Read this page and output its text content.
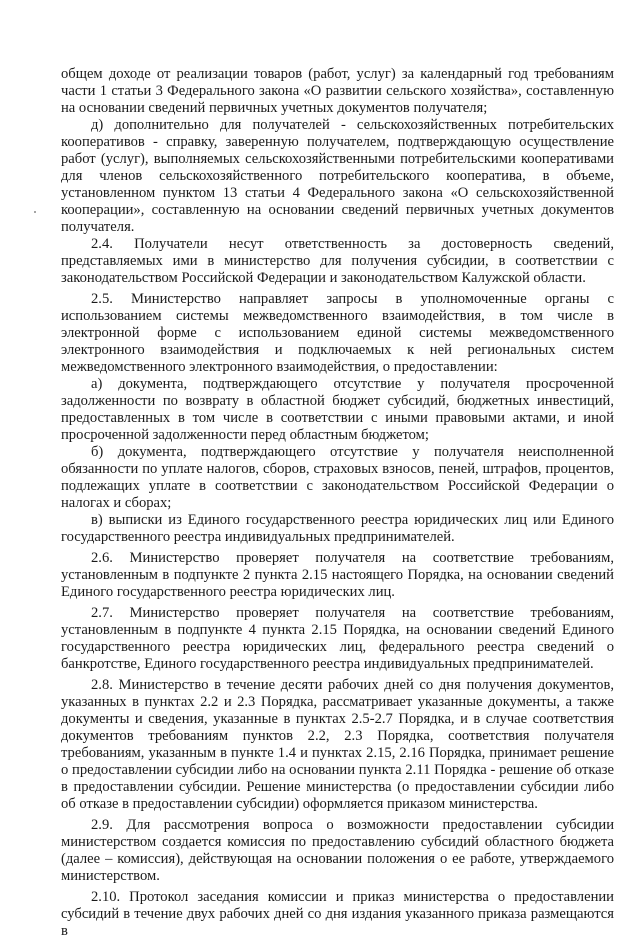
общем доходе от реализации товаров (работ, услуг) за календарный год требованиям части 1 статьи 3 Федерального закона «О развитии сельского хозяйства», составленную на основании сведений первичных учетных документов получателя;

д) дополнительно для получателей - сельскохозяйственных потребительских кооперативов - справку, заверенную получателем, подтверждающую осуществление работ (услуг), выполняемых сельскохозяйственными потребительскими кооперативами для членов сельскохозяйственного потребительского кооператива, в объеме, установленном пунктом 13 статьи 4 Федерального закона «О сельскохозяйственной кооперации», составленную на основании сведений первичных учетных документов получателя.

2.4. Получатели несут ответственность за достоверность сведений, представляемых ими в министерство для получения субсидии, в соответствии с законодательством Российской Федерации и законодательством Калужской области.

2.5. Министерство направляет запросы в уполномоченные органы с использованием системы межведомственного взаимодействия, в том числе в электронной форме с использованием единой системы межведомственного электронного взаимодействия и подключаемых к ней региональных систем межведомственного электронного взаимодействия, о предоставлении:

а) документа, подтверждающего отсутствие у получателя просроченной задолженности по возврату в областной бюджет субсидий, бюджетных инвестиций, предоставленных в том числе в соответствии с иными правовыми актами, и иной просроченной задолженности перед областным бюджетом;

б) документа, подтверждающего отсутствие у получателя неисполненной обязанности по уплате налогов, сборов, страховых взносов, пеней, штрафов, процентов, подлежащих уплате в соответствии с законодательством Российской Федерации о налогах и сборах;

в) выписки из Единого государственного реестра юридических лиц или Единого государственного реестра индивидуальных предпринимателей.

2.6. Министерство проверяет получателя на соответствие требованиям, установленным в подпункте 2 пункта 2.15 настоящего Порядка, на основании сведений Единого государственного реестра юридических лиц.

2.7. Министерство проверяет получателя на соответствие требованиям, установленным в подпункте 4 пункта 2.15 Порядка, на основании сведений Единого государственного реестра юридических лиц, федерального реестра сведений о банкротстве, Единого государственного реестра индивидуальных предпринимателей.

2.8. Министерство в течение десяти рабочих дней со дня получения документов, указанных в пунктах 2.2 и 2.3 Порядка, рассматривает указанные документы, а также документы и сведения, указанные в пунктах 2.5-2.7 Порядка, и в случае соответствия документов требованиям пунктов 2.2, 2.3 Порядка, соответствия получателя требованиям, указанным в пункте 1.4 и пунктах 2.15, 2.16 Порядка, принимает решение о предоставлении субсидии либо на основании пункта 2.11 Порядка - решение об отказе в предоставлении субсидии. Решение министерства (о предоставлении субсидии либо об отказе в предоставлении субсидии) оформляется приказом министерства.

2.9. Для рассмотрения вопроса о возможности предоставлении субсидии министерством создается комиссия по предоставлению субсидий областного бюджета (далее – комиссия), действующая на основании положения о ее работе, утверждаемого министерством.

2.10. Протокол заседания комиссии и приказ министерства о предоставлении субсидий в течение двух рабочих дней со дня издания указанного приказа размещаются в
